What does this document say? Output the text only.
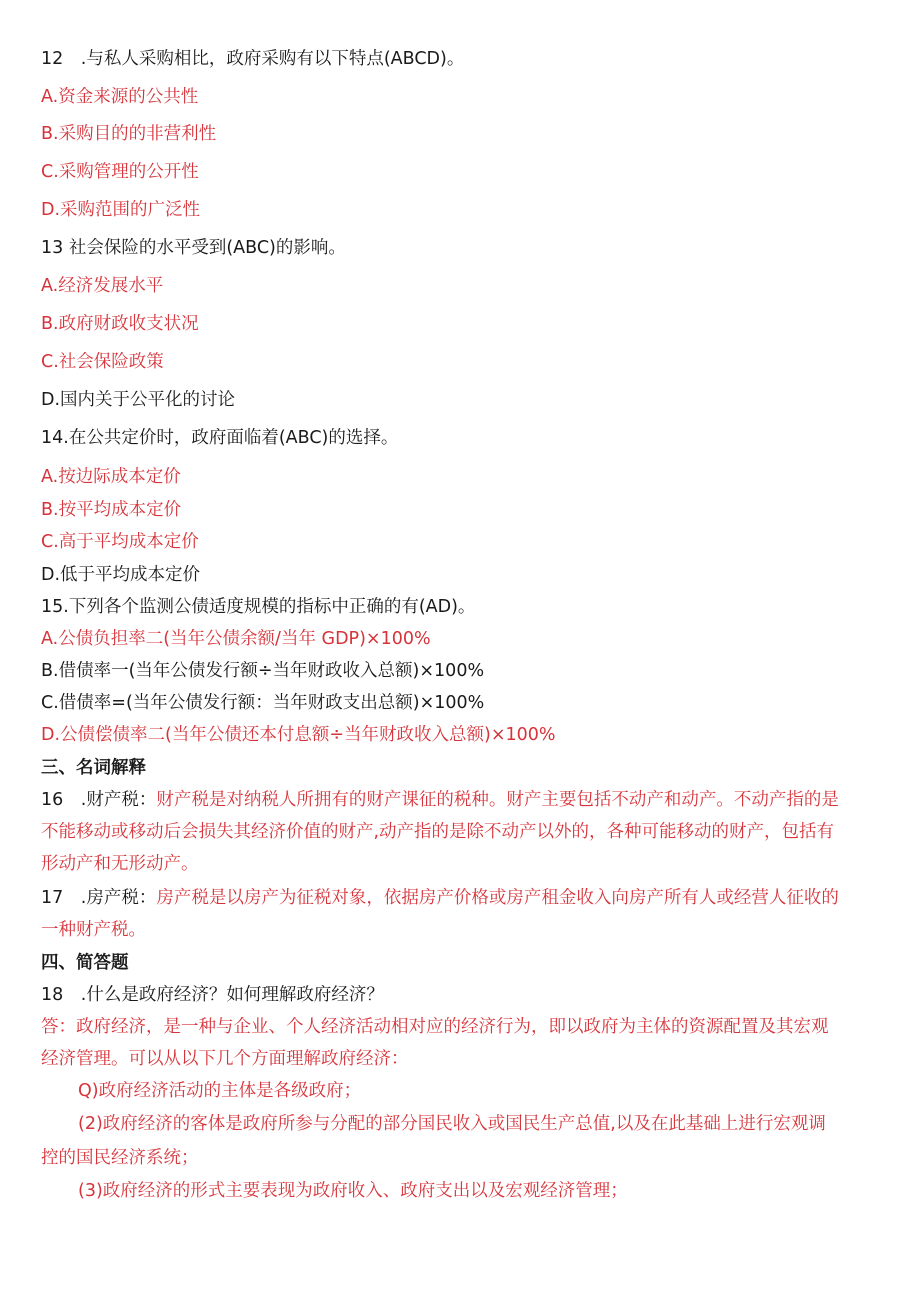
12　.与私人采购相比，政府采购有以下特点(ABCD)。
A.资金来源的公共性
B.采购目的的非营利性
C.采购管理的公开性
D.采购范围的广泛性
13 社会保险的水平受到(ABC)的影响。
A.经济发展水平
B.政府财政收支状况
C.社会保险政策
D.国内关于公平化的讨论
14.在公共定价时，政府面临着(ABC)的选择。
A.按边际成本定价
B.按平均成本定价
C.高于平均成本定价
D.低于平均成本定价
15.下列各个监测公债适度规模的指标中正确的有(AD)。
A.公债负担率二(当年公债余额/当年 GDP)×100%
B.借债率一(当年公债发行额÷当年财政收入总额)×100%
C.借债率=(当年公债发行额：当年财政支出总额)×100%
D.公债偿债率二(当年公债还本付息额÷当年财政收入总额)×100%
三、名词解释
16　.财产税：财产税是对纳税人所拥有的财产课征的税种。财产主要包括不动产和动产。不动产指的是
不能移动或移动后会损失其经济价值的财产,动产指的是除不动产以外的，各种可能移动的财产，包括有
形动产和无形动产。
17　.房产税：房产税是以房产为征税对象，依据房产价格或房产租金收入向房产所有人或经营人征收的
一种财产税。
四、简答题
18　.什么是政府经济？如何理解政府经济？
答：政府经济，是一种与企业、个人经济活动相对应的经济行为，即以政府为主体的资源配置及其宏观
经济管理。可以从以下几个方面理解政府经济：
Q)政府经济活动的主体是各级政府；
(2)政府经济的客体是政府所参与分配的部分国民收入或国民生产总值,以及在此基础上进行宏观调
控的国民经济系统；
(3)政府经济的形式主要表现为政府收入、政府支出以及宏观经济管理；
